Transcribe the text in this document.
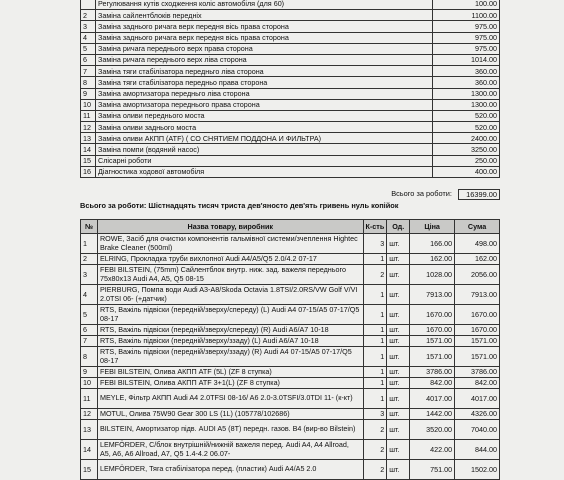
	Регулювання кутів сходження коліс автомобіля (для 60)	100.00
2	Заміна сайлентблоків передніх	1100.00
3	Заміна заднього ричага верх передня вісь права сторона	975.00
4	Заміна заднього ричага верх передня вісь права сторона	975.00
5	Заміна ричага переднього верх права сторона	975.00
6	Заміна ричага переднього верх ліва сторона	1014.00
7	Заміна тяги стабілізатора передньго ліва сторона	360.00
8	Заміна тяги стабілізатора передньо права сторона	360.00
9	Заміна амортизатора передньго ліва сторона	1300.00
10	Заміна амортизатора переднього права сторона	1300.00
11	Заміна оливи переднього моста	520.00
12	Заміна оливи заднього моста	520.00
13	Заміна оливи АКПП (ATF) ( СО СНЯТИЕМ ПОДДОНА И ФИЛЬТРА)	2400.00
14	Заміна помпи (водяний насос)	3250.00
15	Слісарні роботи	250.00
16	Діагностика ходової автомобіля	400.00
Всього за роботи:	16399.00
Всього за роботи: Шістнадцять тисяч триста дев'яносто дев'ять гривень нуль копійок
№	Назва товару, виробник	К-сть	Од.	Ціна	Сума
1	ROWE, Засіб для очистки компонентів гальмівної системи/зчеплення Hightec Brake Cleaner (500ml)	3	шт.	166.00	498.00
2	ELRING, Прокладка труби вихлопної Audi A4/A5/Q5 2.0/4.2 07-17	1	шт.	162.00	162.00
3	FEBI BILSTEIN, (75mm) Сайлентблок внутр. ниж. зад. важеля переднього 75x80x13 Audi A4, A5, Q5 08-15	2	шт.	1028.00	2056.00
4	PIERBURG, Помпа води Audi A3-A8/Skoda Octavia 1.8TSI/2.0RS/VW Golf V/VI 2.0TSI 06- (+датчик)	1	шт.	7913.00	7913.00
5	RTS, Важіль підвіски (передній/зверху/спереду) (L) Audi A4 07-15/A5 07-17/Q5 08-17	1	шт.	1670.00	1670.00
6	RTS, Важіль підвіски (передній/зверху/спереду) (R) Audi A6/A7 10-18	1	шт.	1670.00	1670.00
7	RTS, Важіль підвіски (передній/зверху/ззаду) (L) Audi A6/A7 10-18	1	шт.	1571.00	1571.00
8	RTS, Важіль підвіски (передній/зверху/ззаду) (R) Audi A4 07-15/A5 07-17/Q5 08-17	1	шт.	1571.00	1571.00
9	FEBI BILSTEIN, Олива АКПП ATF (5L) (ZF 8 ступка)	1	шт.	3786.00	3786.00
10	FEBI BILSTEIN, Олива АКПП ATF 3+1(L) (ZF 8 ступка)	1	шт.	842.00	842.00
11	MEYLE, Фільтр АКПП Audi A4 2.0TFSI 08-16/ A6 2.0-3.0TSFI/3.0TDI 11- (к-кт)	1	шт.	4017.00	4017.00
12	MOTUL, Олива 75W90 Gear 300 LS (1L) (105778/102686)	3	шт.	1442.00	4326.00
13	BILSTEIN, Амортизатор підв. AUDI A5 (8T) передн. газов. B4 (вир-во Bilstein)	2	шт.	3520.00	7040.00
14	LEMFÖRDER, С/блок внутрішній/нижній важеля перед. Audi A4, A4 Allroad, A5, A6, A6 Allroad, A7, Q5 1.4-4.2 06.07-	2	шт.	422.00	844.00
15	LEMFÖRDER, Тяга стабілізатора перед. (пластик) Audi A4/A5 2.0	2	шт.	751.00	1502.00
